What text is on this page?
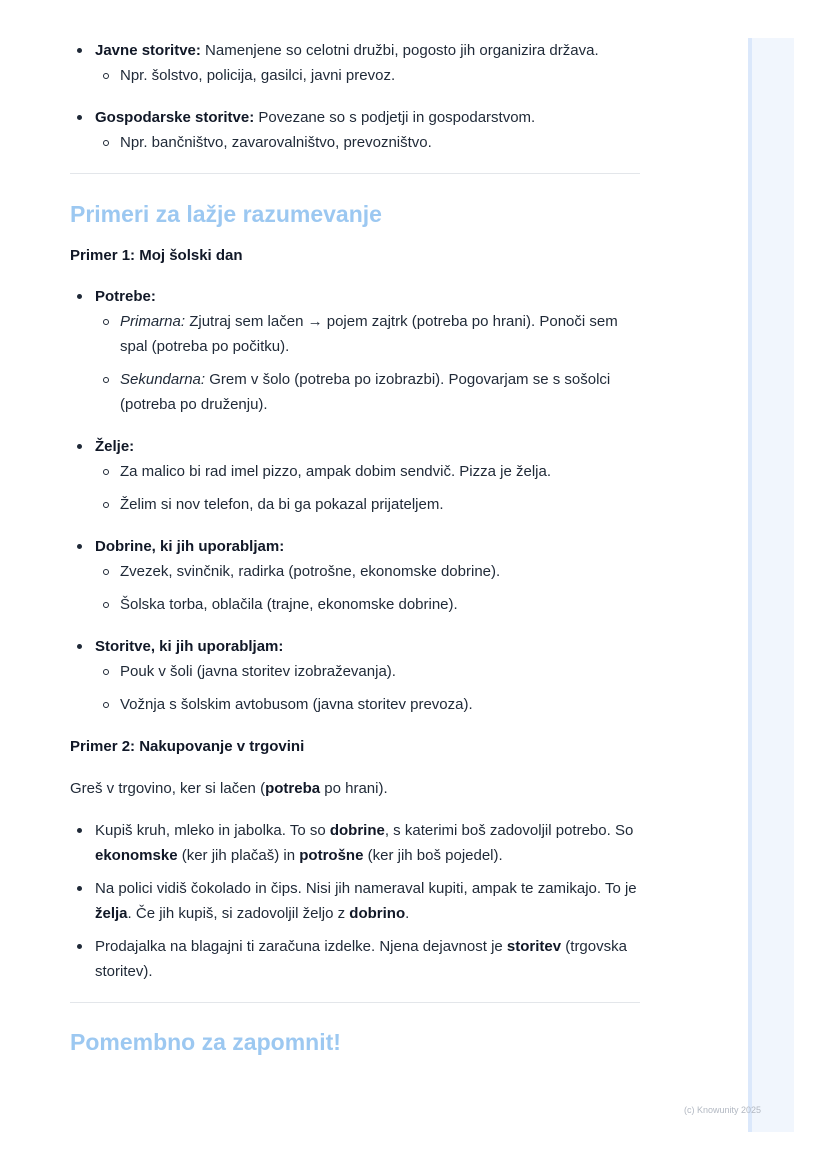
(c) Knowunity 2025
Javne storitve: Namenjene so celotni družbi, pogosto jih organizira država.
Npr. šolstvo, policija, gasilci, javni prevoz.
Gospodarske storitve: Povezane so s podjetji in gospodarstvom.
Npr. bančništvo, zavarovalništvo, prevozništvo.
Primeri za lažje razumevanje

Primer 1: Moj šolski dan

Potrebe:
Primarna: Zjutraj sem lačen → pojem zajtrk (potreba po hrani). Ponoči sem spal (potreba po počitku).
Sekundarna: Grem v šolo (potreba po izobrazbi). Pogovarjam se s sošolci (potreba po druženju).
Želje:
Za malico bi rad imel pizzo, ampak dobim sendvič. Pizza je želja.
Želim si nov telefon, da bi ga pokazal prijateljem.
Dobrine, ki jih uporabljam:
Zvezek, svinčnik, radirka (potrošne, ekonomske dobrine).
Šolska torba, oblačila (trajne, ekonomske dobrine).
Storitve, ki jih uporabljam:
Pouk v šoli (javna storitev izobraževanja).
Vožnja s šolskim avtobusom (javna storitev prevoza).

Primer 2: Nakupovanje v trgovini

Greš v trgovino, ker si lačen (potreba po hrani).

Kupiš kruh, mleko in jabolka. To so dobrine, s katerimi boš zadovoljil potrebo. So ekonomske (ker jih plačaš) in potrošne (ker jih boš pojedel).
Na polici vidiš čokolado in čips. Nisi jih nameraval kupiti, ampak te zamikajo. To je želja. Če jih kupiš, si zadovoljil željo z dobrino.
Prodajalka na blagajni ti zaračuna izdelke. Njena dejavnost je storitev (trgovska storitev).
Pomembno za zapomnit!
